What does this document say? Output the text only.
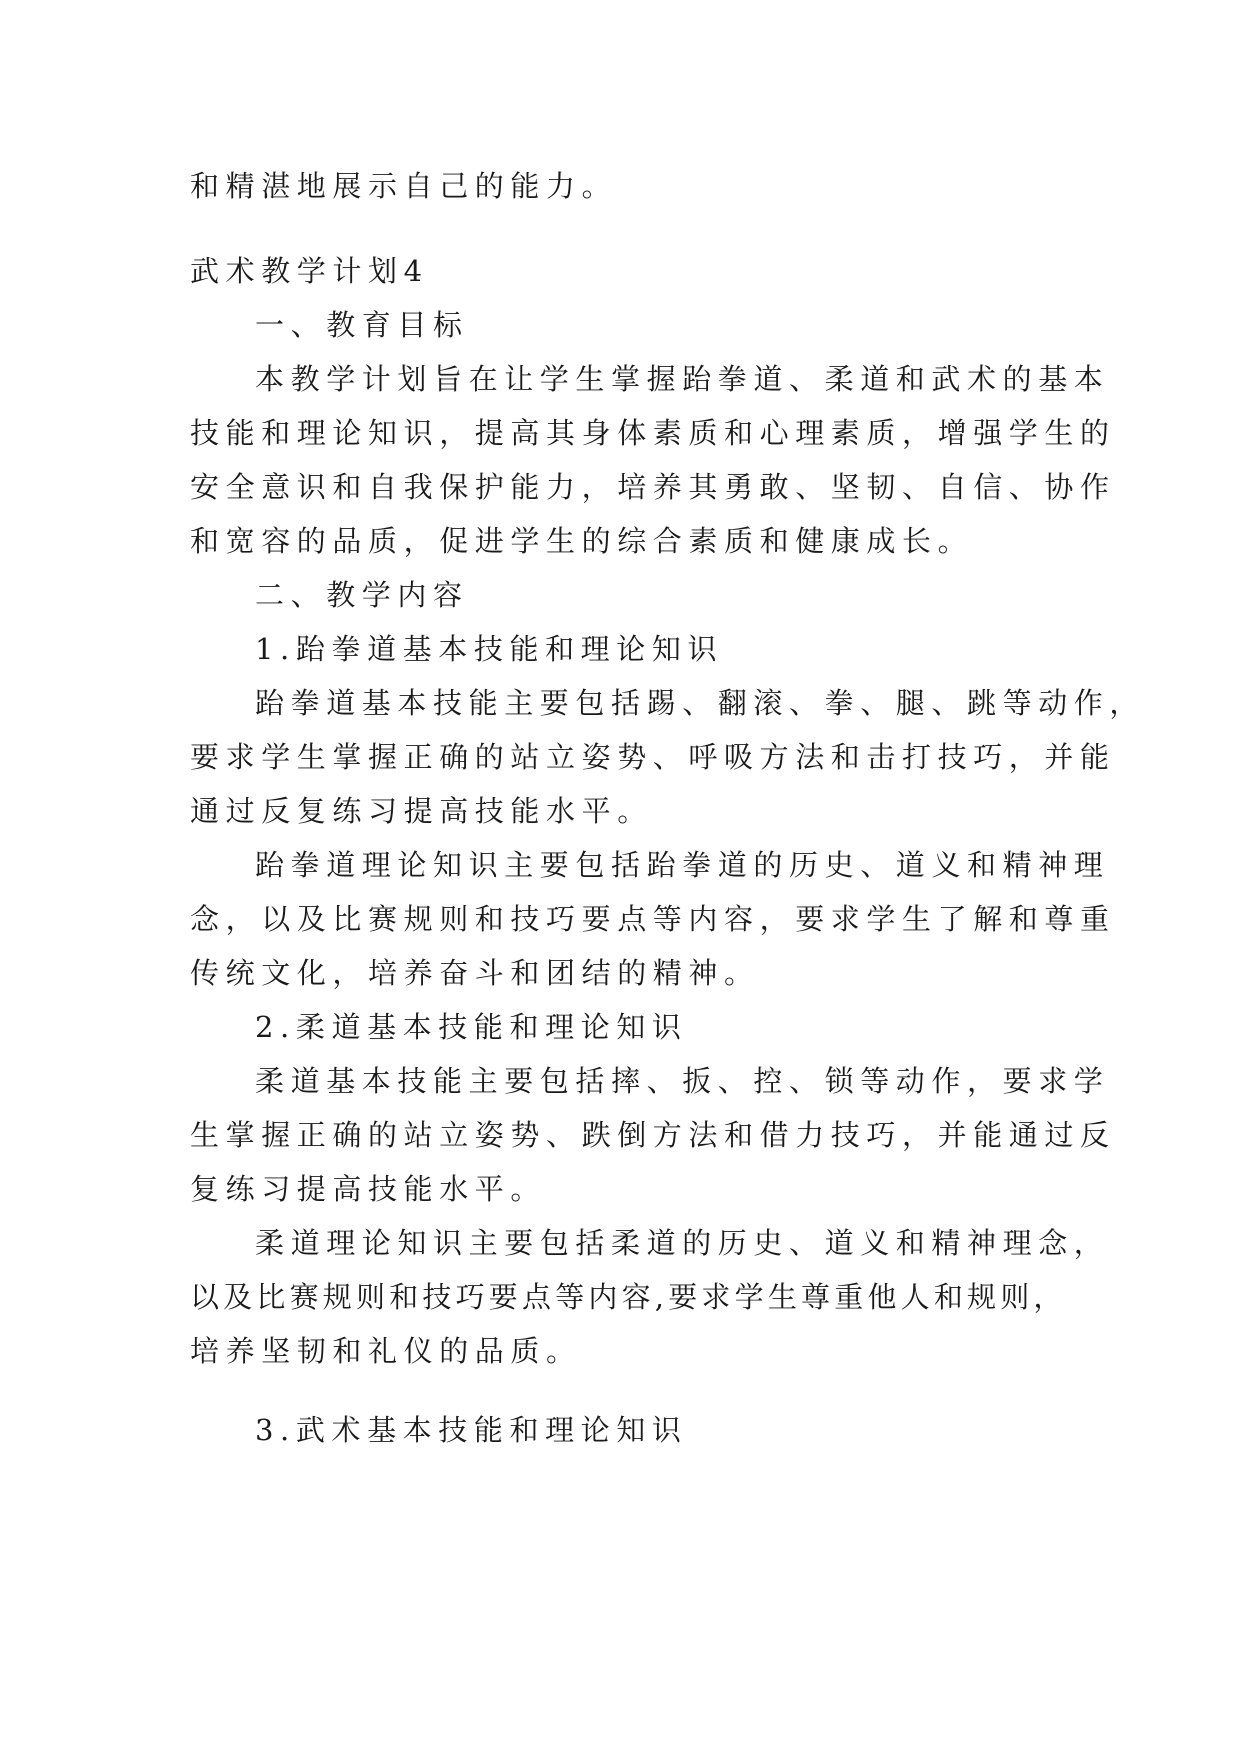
和精湛地展示自己的能力。
武术教学计划4
一、教育目标
本教学计划旨在让学生掌握跆拳道、柔道和武术的基本
技能和理论知识，提高其身体素质和心理素质，增强学生的
安全意识和自我保护能力，培养其勇敢、坚韧、自信、协作
和宽容的品质，促进学生的综合素质和健康成长。
二、教学内容
1.跆拳道基本技能和理论知识
跆拳道基本技能主要包括踢、翻滚、拳、腿、跳等动作，
要求学生掌握正确的站立姿势、呼吸方法和击打技巧，并能
通过反复练习提高技能水平。
跆拳道理论知识主要包括跆拳道的历史、道义和精神理
念，以及比赛规则和技巧要点等内容，要求学生了解和尊重
传统文化，培养奋斗和团结的精神。
2.柔道基本技能和理论知识
柔道基本技能主要包括摔、扳、控、锁等动作，要求学
生掌握正确的站立姿势、跌倒方法和借力技巧，并能通过反
复练习提高技能水平。
柔道理论知识主要包括柔道的历史、道义和精神理念，
以及比赛规则和技巧要点等内容,要求学生尊重他人和规则，
培养坚韧和礼仪的品质。
3.武术基本技能和理论知识
